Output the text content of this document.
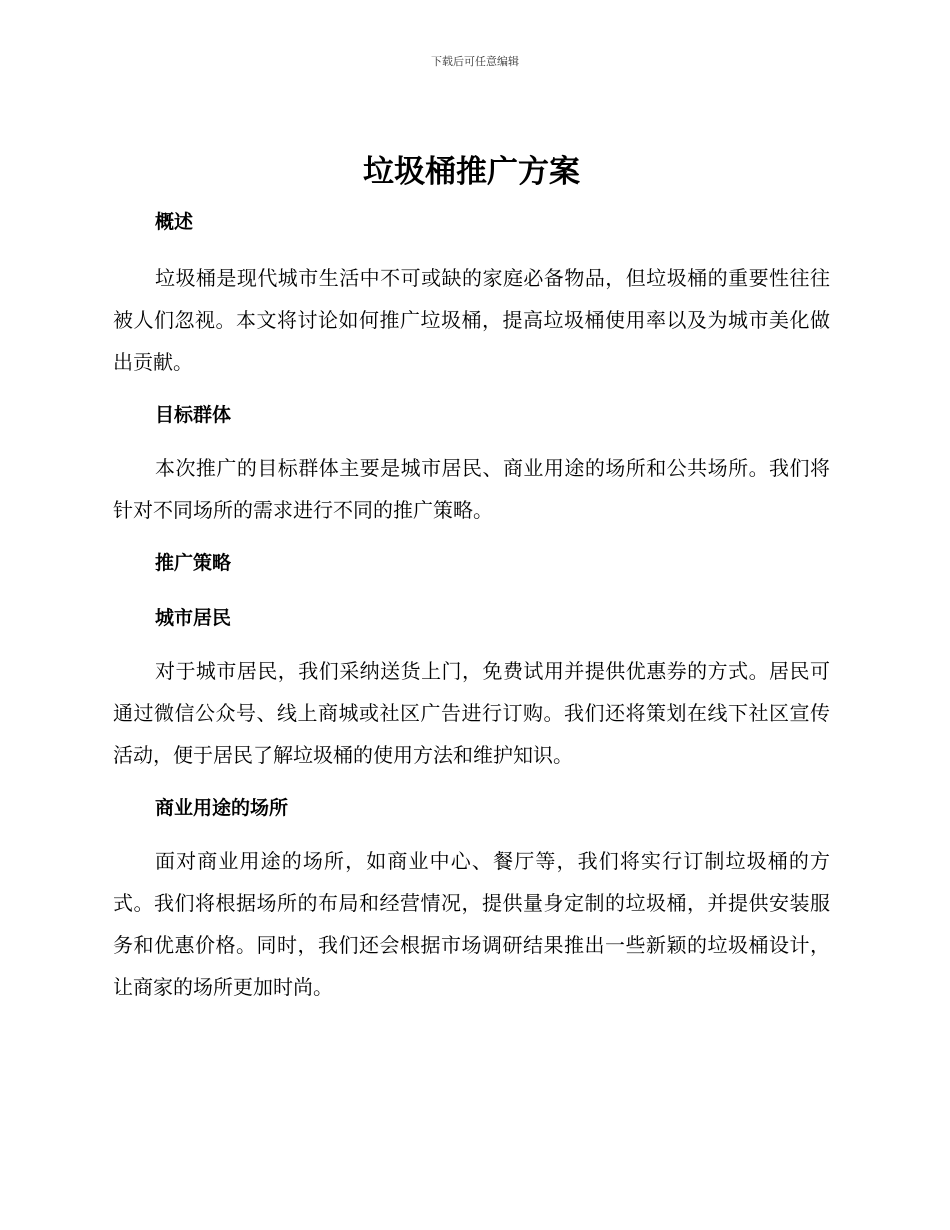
下载后可任意编辑
垃圾桶推广方案
概述

垃圾桶是现代城市生活中不可或缺的家庭必备物品，但垃圾桶的重要性往往被人们忽视。本文将讨论如何推广垃圾桶，提高垃圾桶使用率以及为城市美化做出贡献。

目标群体

本次推广的目标群体主要是城市居民、商业用途的场所和公共场所。我们将针对不同场所的需求进行不同的推广策略。

推广策略
城市居民

对于城市居民，我们采纳送货上门，免费试用并提供优惠券的方式。居民可通过微信公众号、线上商城或社区广告进行订购。我们还将策划在线下社区宣传活动，便于居民了解垃圾桶的使用方法和维护知识。

商业用途的场所

面对商业用途的场所，如商业中心、餐厅等，我们将实行订制垃圾桶的方式。我们将根据场所的布局和经营情况，提供量身定制的垃圾桶，并提供安装服务和优惠价格。同时，我们还会根据市场调研结果推出一些新颖的垃圾桶设计，让商家的场所更加时尚。
